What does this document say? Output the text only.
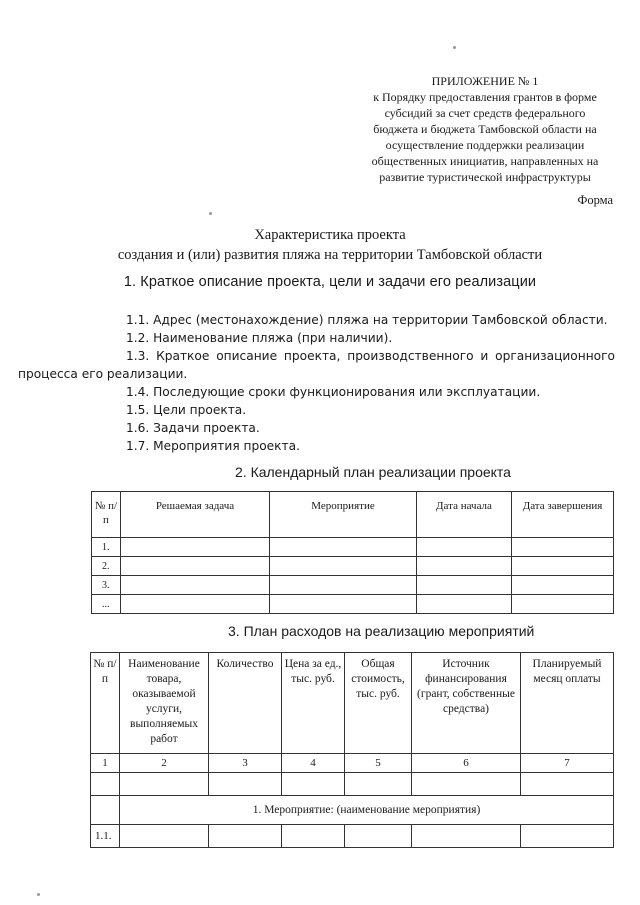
ПРИЛОЖЕНИЕ № 1
к Порядку предоставления грантов в форме
субсидий за счет средств федерального
бюджета и бюджета Тамбовской области на
осуществление поддержки реализации
общественных инициатив, направленных на
развитие туристической инфраструктуры
Форма
Характеристика проекта
создания и (или) развития пляжа на территории Тамбовской области
1. Краткое описание проекта, цели и задачи его реализации
1.1. Адрес (местонахождение) пляжа на территории Тамбовской области.
1.2. Наименование пляжа (при наличии).
1.3. Краткое описание проекта, производственного и организационного
процесса его реализации.
1.4. Последующие сроки функционирования или эксплуатации.
1.5. Цели проекта.
1.6. Задачи проекта.
1.7. Мероприятия проекта.
2. Календарный план реализации проекта
№ п/п	Решаемая задача	Мероприятие	Дата начала	Дата завершения
1.				
2.				
3.				
...				
3. План расходов на реализацию мероприятий
№ п/п	Наименование товара, оказываемой услуги, выполняемых работ	Количество	Цена за ед., тыс. руб.	Общая стоимость, тыс. руб.	Источник финансирования (грант, собственные средства)	Планируемый месяц оплаты
1	2	3	4	5	6	7

	1. Мероприятие: (наименование мероприятия)					
1.1.						
